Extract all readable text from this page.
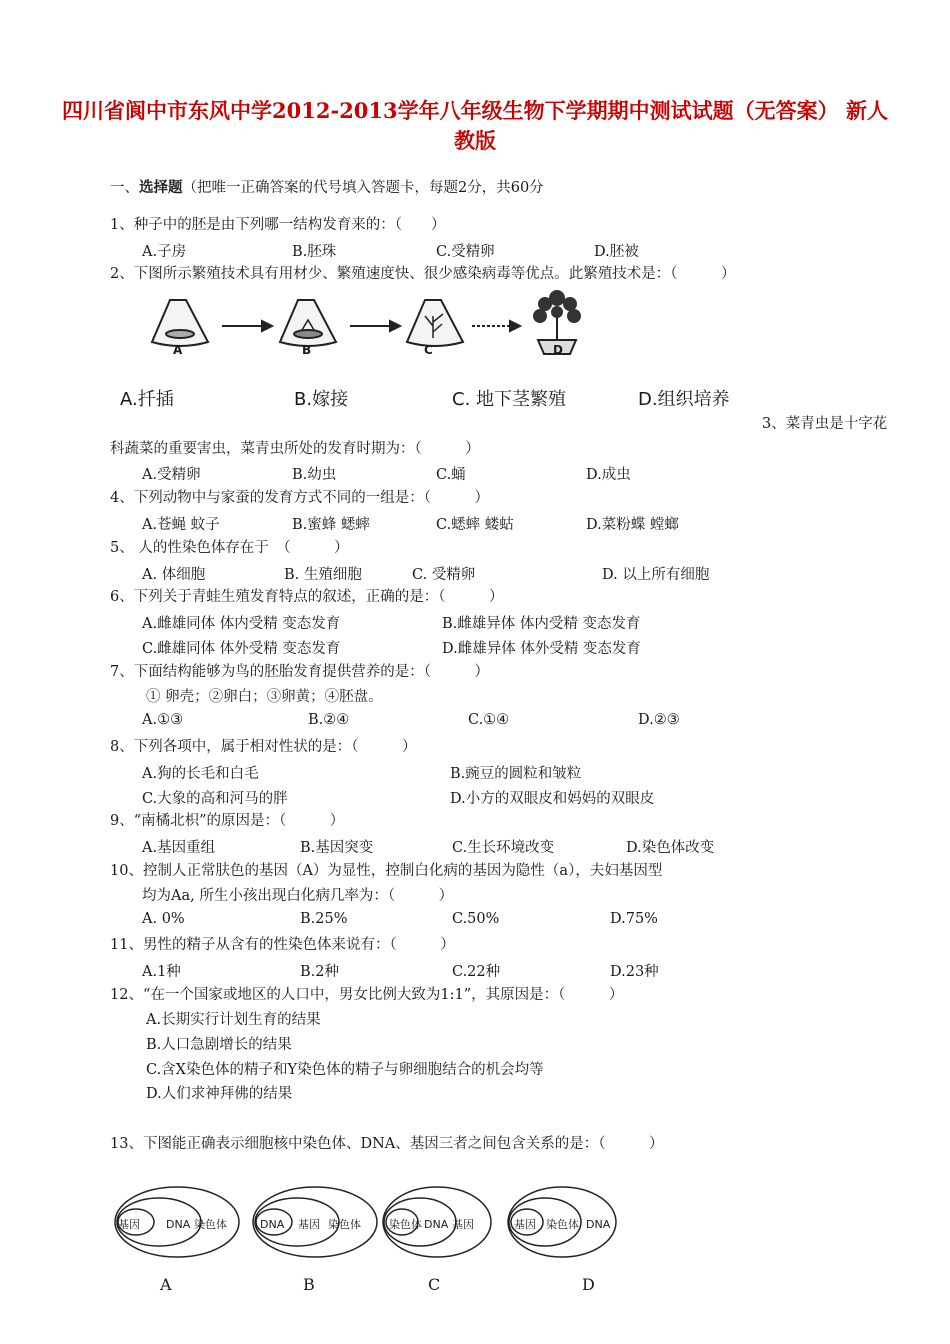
四川省阆中市东风中学2012-2013学年八年级生物下学期期中测试试题（无答案） 新人教版
一、选择题（把唯一正确答案的代号填入答题卡，每题2分，共60分
1、种子中的胚是由下列哪一结构发育来的：（　　）
A.子房	B.胚珠	C.受精卵	D.胚被
2、下图所示繁殖技术具有用材少、繁殖速度快、很少感染病毒等优点。此繁殖技术是：（　　　）
A	B	C	D
A.扦插	B.嫁接	C. 地下茎繁殖	D.组织培养
3、菜青虫是十字花
科蔬菜的重要害虫，菜青虫所处的发育时期为：（　　　）
A.受精卵	B.幼虫	C.蛹	D.成虫
4、下列动物中与家蚕的发育方式不同的一组是：（　　　）
A.苍蝇 蚊子	B.蜜蜂 蟋蟀	C.蟋蟀 蝼蛄	D.菜粉蝶 螳螂
5、 人的性染色体存在于　（　　　）
A. 体细胞	B. 生殖细胞	C. 受精卵	D. 以上所有细胞
6、下列关于青蛙生殖发育特点的叙述，正确的是：（　　　）
A.雌雄同体 体内受精 变态发育	B.雌雄异体 体内受精 变态发育
C.雌雄同体 体外受精 变态发育	D.雌雄异体 体外受精 变态发育
7、下面结构能够为鸟的胚胎发育提供营养的是：（　　　）
① 卵壳；②卵白；③卵黄；④胚盘。
A.①③	B.②④	C.①④	D.②③
8、下列各项中，属于相对性状的是：（　　　）
A.狗的长毛和白毛	B.豌豆的圆粒和皱粒
C.大象的高和河马的胖	D.小方的双眼皮和妈妈的双眼皮
9、“南橘北枳”的原因是：（　　　）
A.基因重组	B.基因突变	C.生长环境改变	D.染色体改变
10、控制人正常肤色的基因（A）为显性，控制白化病的基因为隐性（a），夫妇基因型
均为Aa, 所生小孩出现白化病几率为：（　　　）
A. 0%	B.25%	C.50%	D.75%
11、男性的精子从含有的性染色体来说有：（　　　）
A.1种	B.2种	C.22种	D.23种
12、“在一个国家或地区的人口中，男女比例大致为1:1”，其原因是：（　　　）
A.长期实行计划生育的结果
B.人口急剧增长的结果
C.含X染色体的精子和Y染色体的精子与卵细胞结合的机会均等
D.人们求神拜佛的结果
13、下图能正确表示细胞核中染色体、DNA、基因三者之间包含关系的是：（　　　）
基因 DNA 染色体	DNA 基因 染色体	染色体 DNA 基因	基因 染色体 DNA
A	B	C	D
